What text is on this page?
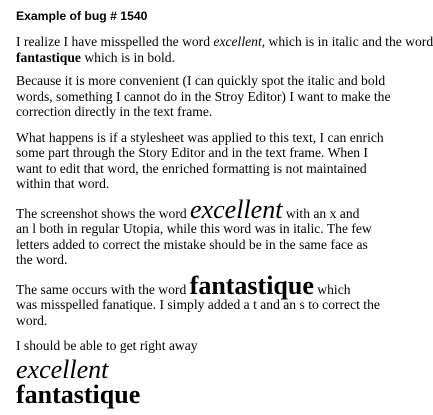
Example of bug # 1540

I realize I have misspelled the word excellent, which is in italic and the word
fantastique which is in bold.

Because it is more convenient (I can quickly spot the italic and bold
words, something I cannot do in the Stroy Editor) I want to make the
correction directly in the text frame.

What happens is if a stylesheet was applied to this text, I can enrich
some part through the Story Editor and in the text frame. When I
want to edit that word, the enriched formatting is not maintained
within that word.

The screenshot shows the word excellent with an x and
an l both in regular Utopia, while this word was in italic. The few
letters added to correct the mistake should be in the same face as
the word.

The same occurs with the word fantastique which
was misspelled fanatique. I simply added a t and an s to correct the
word.

I should be able to get right away

excellent
fantastique
